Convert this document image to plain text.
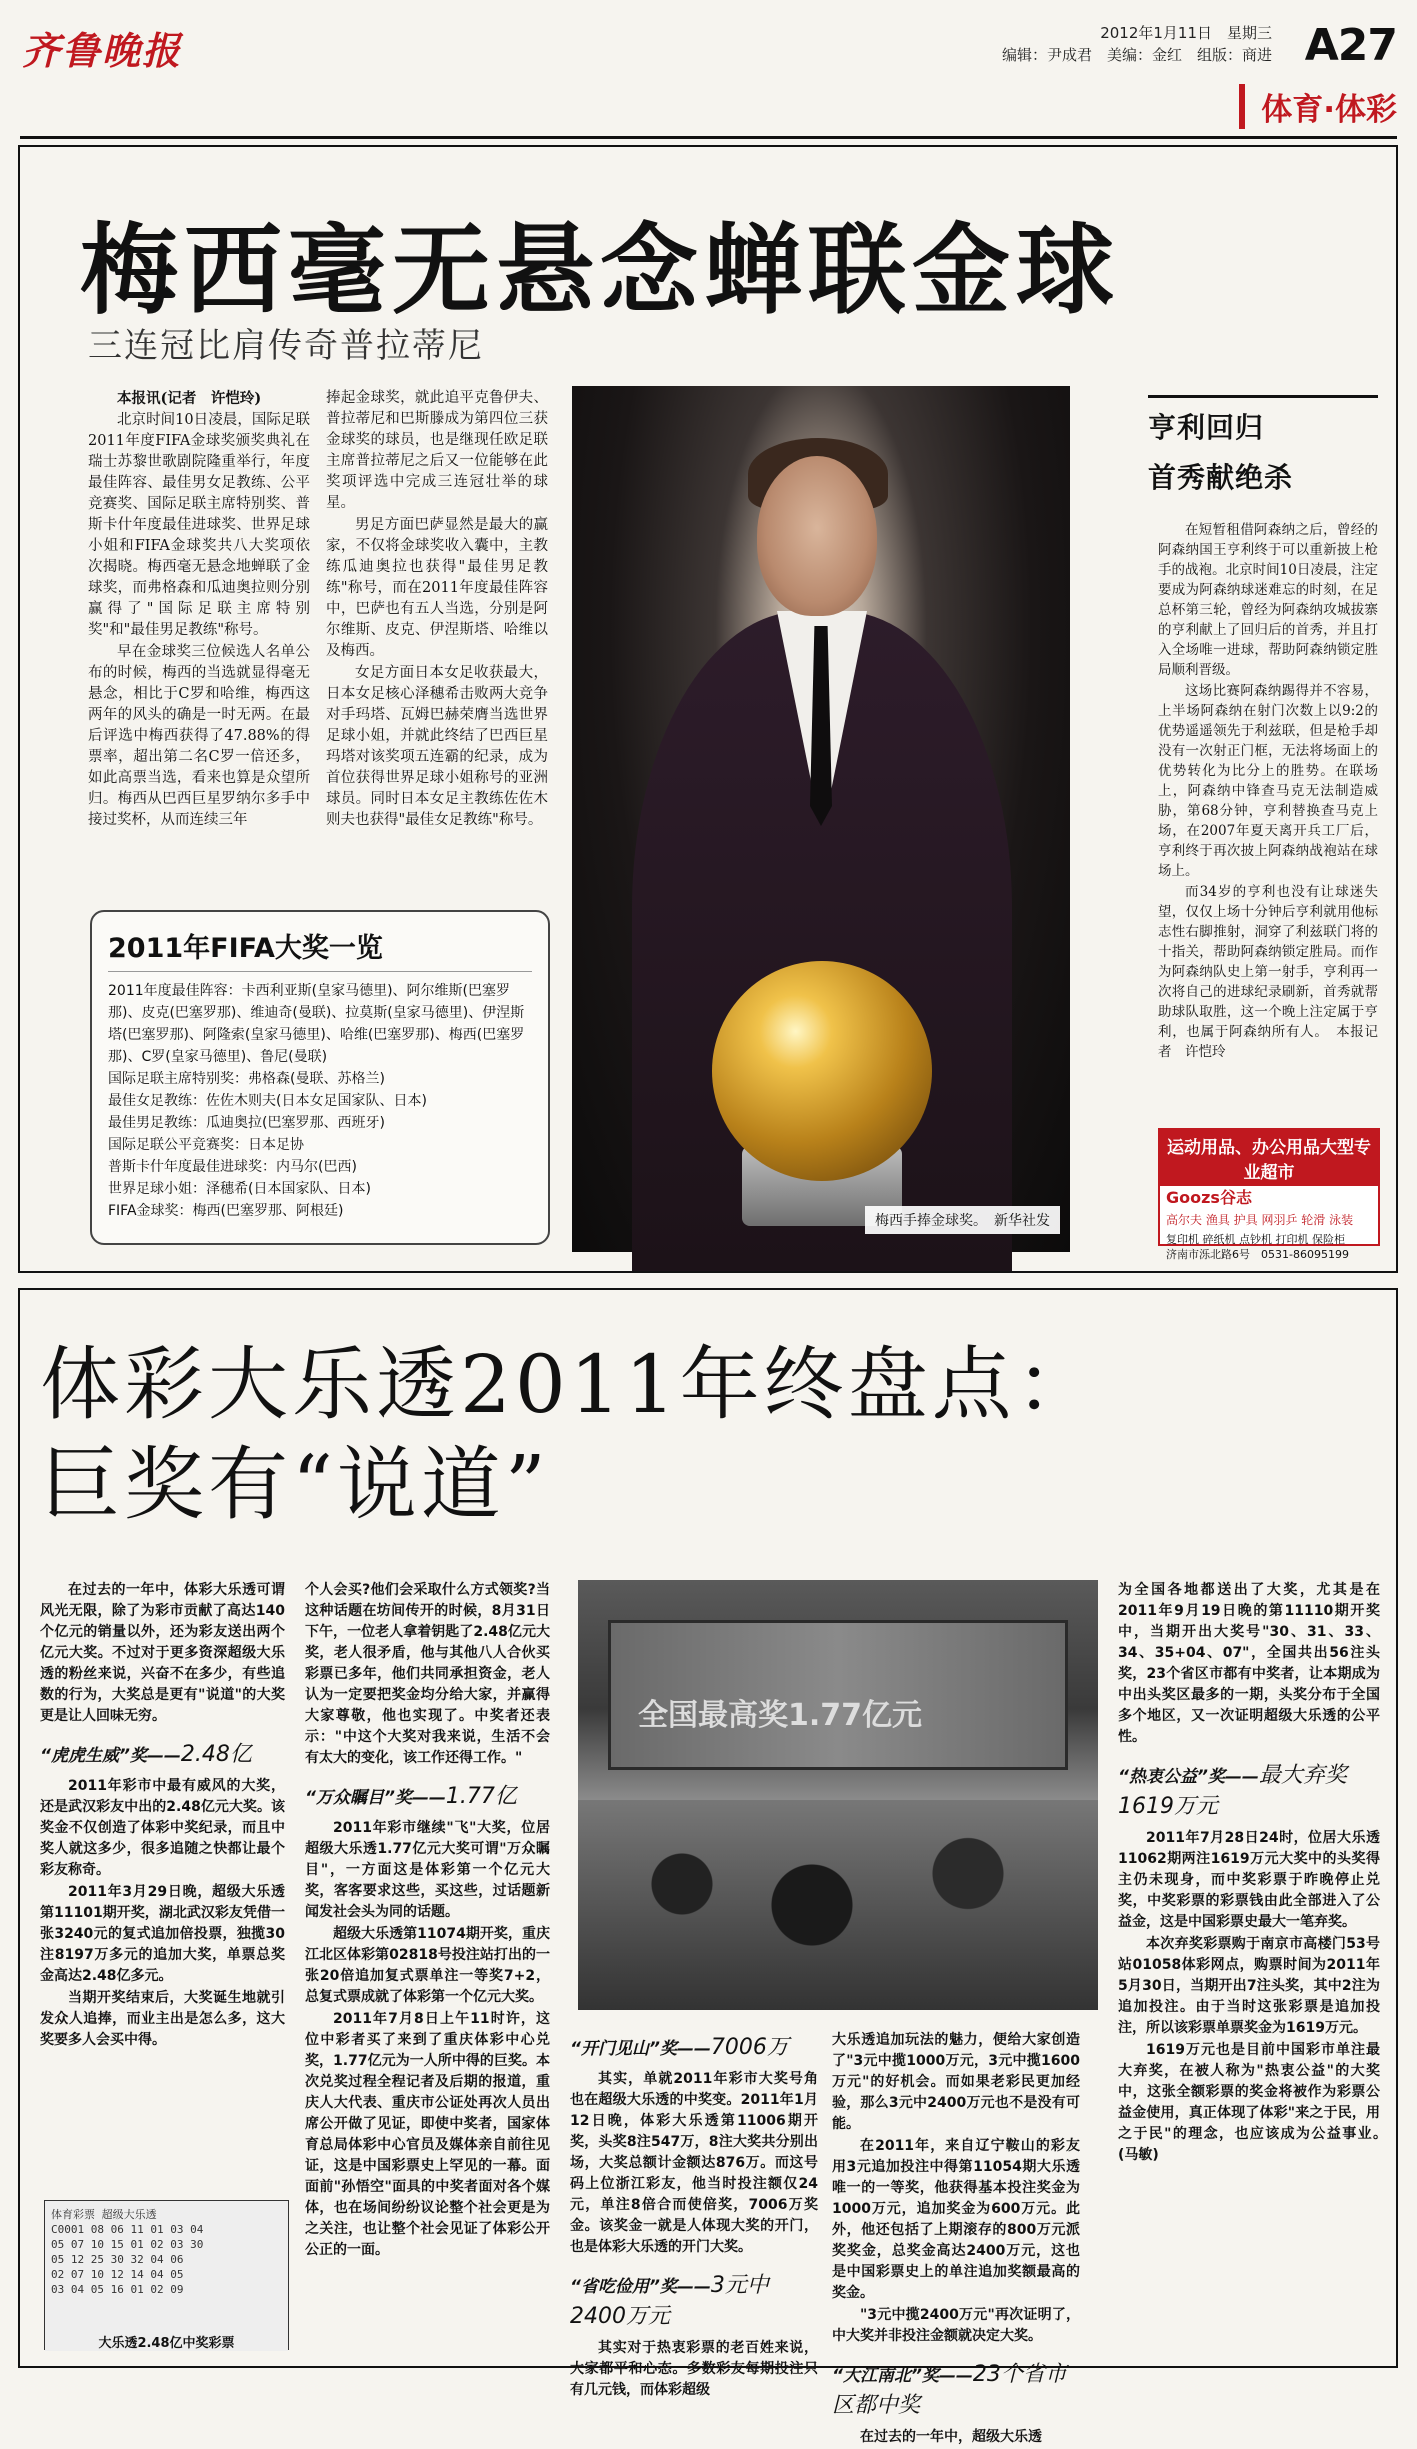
齐鲁晚报	2012年1月11日　星期三
编辑：尹成君　美编：金红　组版：商进 A27
体育·体彩
梅西毫无悬念蝉联金球
三连冠比肩传奇普拉蒂尼

本报讯(记者　许恺玲)

北京时间10日凌晨，国际足联2011年度FIFA金球奖颁奖典礼在瑞士苏黎世歌剧院隆重举行，年度最佳阵容、最佳男女足教练、公平竞赛奖、国际足联主席特别奖、普斯卡什年度最佳进球奖、世界足球小姐和FIFA金球奖共八大奖项依次揭晓。梅西毫无悬念地蝉联了金球奖，而弗格森和瓜迪奥拉则分别赢得了"国际足联主席特别奖"和"最佳男足教练"称号。

早在金球奖三位候选人名单公布的时候，梅西的当选就显得毫无悬念，相比于C罗和哈维，梅西这两年的风头的确是一时无两。在最后评选中梅西获得了47.88%的得票率，超出第二名C罗一倍还多，如此高票当选，看来也算是众望所归。梅西从巴西巨星罗纳尔多手中接过奖杯，从而连续三年

捧起金球奖，就此追平克鲁伊夫、普拉蒂尼和巴斯滕成为第四位三获金球奖的球员，也是继现任欧足联主席普拉蒂尼之后又一位能够在此奖项评选中完成三连冠壮举的球星。

男足方面巴萨显然是最大的赢家，不仅将金球奖收入囊中，主教练瓜迪奥拉也获得"最佳男足教练"称号，而在2011年度最佳阵容中，巴萨也有五人当选，分别是阿尔维斯、皮克、伊涅斯塔、哈维以及梅西。

女足方面日本女足收获最大，日本女足核心泽穗希击败两大竞争对手玛塔、瓦姆巴赫荣膺当选世界足球小姐，并就此终结了巴西巨星玛塔对该奖项五连霸的纪录，成为首位获得世界足球小姐称号的亚洲球员。同时日本女足主教练佐佐木则夫也获得"最佳女足教练"称号。

梅西手捧金球奖。　新华社发
亨利回归
首秀献绝杀

在短暂租借阿森纳之后，曾经的阿森纳国王亨利终于可以重新披上枪手的战袍。北京时间10日凌晨，注定要成为阿森纳球迷难忘的时刻，在足总杯第三轮，曾经为阿森纳攻城拔寨的亨利献上了回归后的首秀，并且打入全场唯一进球，帮助阿森纳锁定胜局顺利晋级。

这场比赛阿森纳踢得并不容易，上半场阿森纳在射门次数上以9:2的优势遥遥领先于利兹联，但是枪手却没有一次射正门框，无法将场面上的优势转化为比分上的胜势。在联场上，阿森纳中锋查马克无法制造威胁，第68分钟，亨利替换查马克上场，在2007年夏天离开兵工厂后，亨利终于再次披上阿森纳战袍站在球场上。

而34岁的亨利也没有让球迷失望，仅仅上场十分钟后亨利就用他标志性右脚推射，洞穿了利兹联门将的十指关，帮助阿森纳锁定胜局。而作为阿森纳队史上第一射手，亨利再一次将自己的进球纪录刷新，首秀就帮助球队取胜，这一个晚上注定属于亨利，也属于阿森纳所有人。　本报记者　许恺玲

2011年FIFA大奖一览
2011年度最佳阵容：卡西利亚斯(皇家马德里)、阿尔维斯(巴塞罗那)、皮克(巴塞罗那)、维迪奇(曼联)、拉莫斯(皇家马德里)、伊涅斯塔(巴塞罗那)、阿隆索(皇家马德里)、哈维(巴塞罗那)、梅西(巴塞罗那)、C罗(皇家马德里)、鲁尼(曼联)
国际足联主席特别奖：弗格森(曼联、苏格兰)
最佳女足教练：佐佐木则夫(日本女足国家队、日本)
最佳男足教练：瓜迪奥拉(巴塞罗那、西班牙)
国际足联公平竞赛奖：日本足协
普斯卡什年度最佳进球奖：内马尔(巴西)
世界足球小姐：泽穗希(日本国家队、日本)
FIFA金球奖：梅西(巴塞罗那、阿根廷)
运动用品、办公用品大型专业超市
Goozs谷志
高尔夫 渔具 护具 网羽乒 轮滑 泳装
复印机 碎纸机 点钞机 打印机 保险柜
济南市泺北路6号　0531-86095199
体彩大乐透2011年终盘点：
巨奖有“说道”

在过去的一年中，体彩大乐透可谓风光无限，除了为彩市贡献了高达140个亿元的销量以外，还为彩友送出两个亿元大奖。不过对于更多资深超级大乐透的粉丝来说，兴奋不在多少，有些追数的行为，大奖总是更有"说道"的大奖更是让人回味无穷。

“虎虎生威”奖——2.48亿

2011年彩市中最有威风的大奖，还是武汉彩友中出的2.48亿元大奖。该奖金不仅创造了体彩中奖纪录，而且中奖人就这多少，很多追随之快都让最个彩友称奇。

2011年3月29日晚，超级大乐透第11101期开奖，湖北武汉彩友凭借一张3240元的复式追加倍投票，独揽30注8197万多元的追加大奖，单票总奖金高达2.48亿多元。

当期开奖结束后，大奖诞生地就引发众人追捧，而业主出是怎么多，这大奖要多人会买中得。

体育彩票 超级大乐透
C0001 08 06 11 01 03 04
05 07 10 15 01 02 03 30
05 12 25 30 32 04 06
02 07 10 12 14 04 05
03 04 05 16 01 02 09
大乐透2.48亿中奖彩票

个人会买?他们会采取什么方式领奖?当这种话题在坊间传开的时候，8月31日下午，一位老人拿着钥匙了2.48亿元大奖，老人很矛盾，他与其他八人合伙买彩票已多年，他们共同承担资金，老人认为一定要把奖金均分给大家，并赢得大家尊敬，他也实现了。中奖者还表示："中这个大奖对我来说，生活不会有太大的变化，该工作还得工作。"

“万众瞩目”奖——1.77亿

2011年彩市继续"飞"大奖，位居超级大乐透1.77亿元大奖可谓"万众瞩目"，一方面这是体彩第一个亿元大奖，客客要求这些，买这些，过话题新闻发社会头为同的话题。

超级大乐透第11074期开奖，重庆江北区体彩第02818号投注站打出的一张20倍追加复式票单注一等奖7+2，总复式票成就了体彩第一个亿元大奖。

2011年7月8日上午11时许，这位中彩者买了来到了重庆体彩中心兑奖，1.77亿元为一人所中得的巨奖。本次兑奖过程全程记者及后期的报道，重庆人大代表、重庆市公证处再次人员出席公开做了见证，即使中奖者，国家体育总局体彩中心官员及媒体亲自前往见证，这是中国彩票史上罕见的一幕。面面前"孙悟空"面具的中奖者面对各个媒体，也在场间纷纷议论整个社会更是为之关注，也让整个社会见证了体彩公开公正的一面。

全国最高奖1.77亿元
“开门见山”奖——7006万

其实，单就2011年彩市大奖号角也在超级大乐透的中奖变。2011年1月12日晚，体彩大乐透第11006期开奖，头奖8注547万，8注大奖共分别出场，大奖总额计金额达876万。而这号码上位浙江彩友，他当时投注额仅24元，单注8倍合而使倍奖，7006万奖金。该奖金一就是人体现大奖的开门，也是体彩大乐透的开门大奖。

“省吃俭用”奖——3元中2400万元

其实对于热衷彩票的老百姓来说，大家都平和心态。多数彩友每期投注只有几元钱，而体彩超级

大乐透追加玩法的魅力，便给大家创造了"3元中揽1000万元，3元中揽1600万元"的好机会。而如果老彩民更加经验，那么3元中2400万元也不是没有可能。

在2011年，来自辽宁鞍山的彩友用3元追加投注中得第11054期大乐透唯一的一等奖，他获得基本投注奖金为1000万元，追加奖金为600万元。此外，他还包括了上期滚存的800万元派奖奖金，总奖金高达2400万元，这也是中国彩票史上的单注追加奖额最高的奖金。

"3元中揽2400万元"再次证明了，中大奖并非投注金额就决定大奖。

“大江南北”奖——23个省市区都中奖

在过去的一年中，超级大乐透

为全国各地都送出了大奖，尤其是在2011年9月19日晚的第11110期开奖中，当期开出大奖号"30、31、33、34、35+04、07"，全国共出56注头奖，23个省区市都有中奖者，让本期成为中出头奖区最多的一期，头奖分布于全国多个地区，又一次证明超级大乐透的公平性。

“热衷公益”奖——最大弃奖1619万元

2011年7月28日24时，位居大乐透11062期两注1619万元大奖中的头奖得主仍未现身，而中奖彩票于昨晚停止兑奖，中奖彩票的彩票钱由此全部进入了公益金，这是中国彩票史最大一笔弃奖。

本次弃奖彩票购于南京市高楼门53号站01058体彩网点，购票时间为2011年5月30日，当期开出7注头奖，其中2注为追加投注。由于当时这张彩票是追加投注，所以该彩票单票奖金为1619万元。

1619万元也是目前中国彩市单注最大弃奖，在被人称为"热衷公益"的大奖中，这张全额彩票的奖金将被作为彩票公益金使用，真正体现了体彩"来之于民，用之于民"的理念，也应该成为公益事业。　(马敏)
